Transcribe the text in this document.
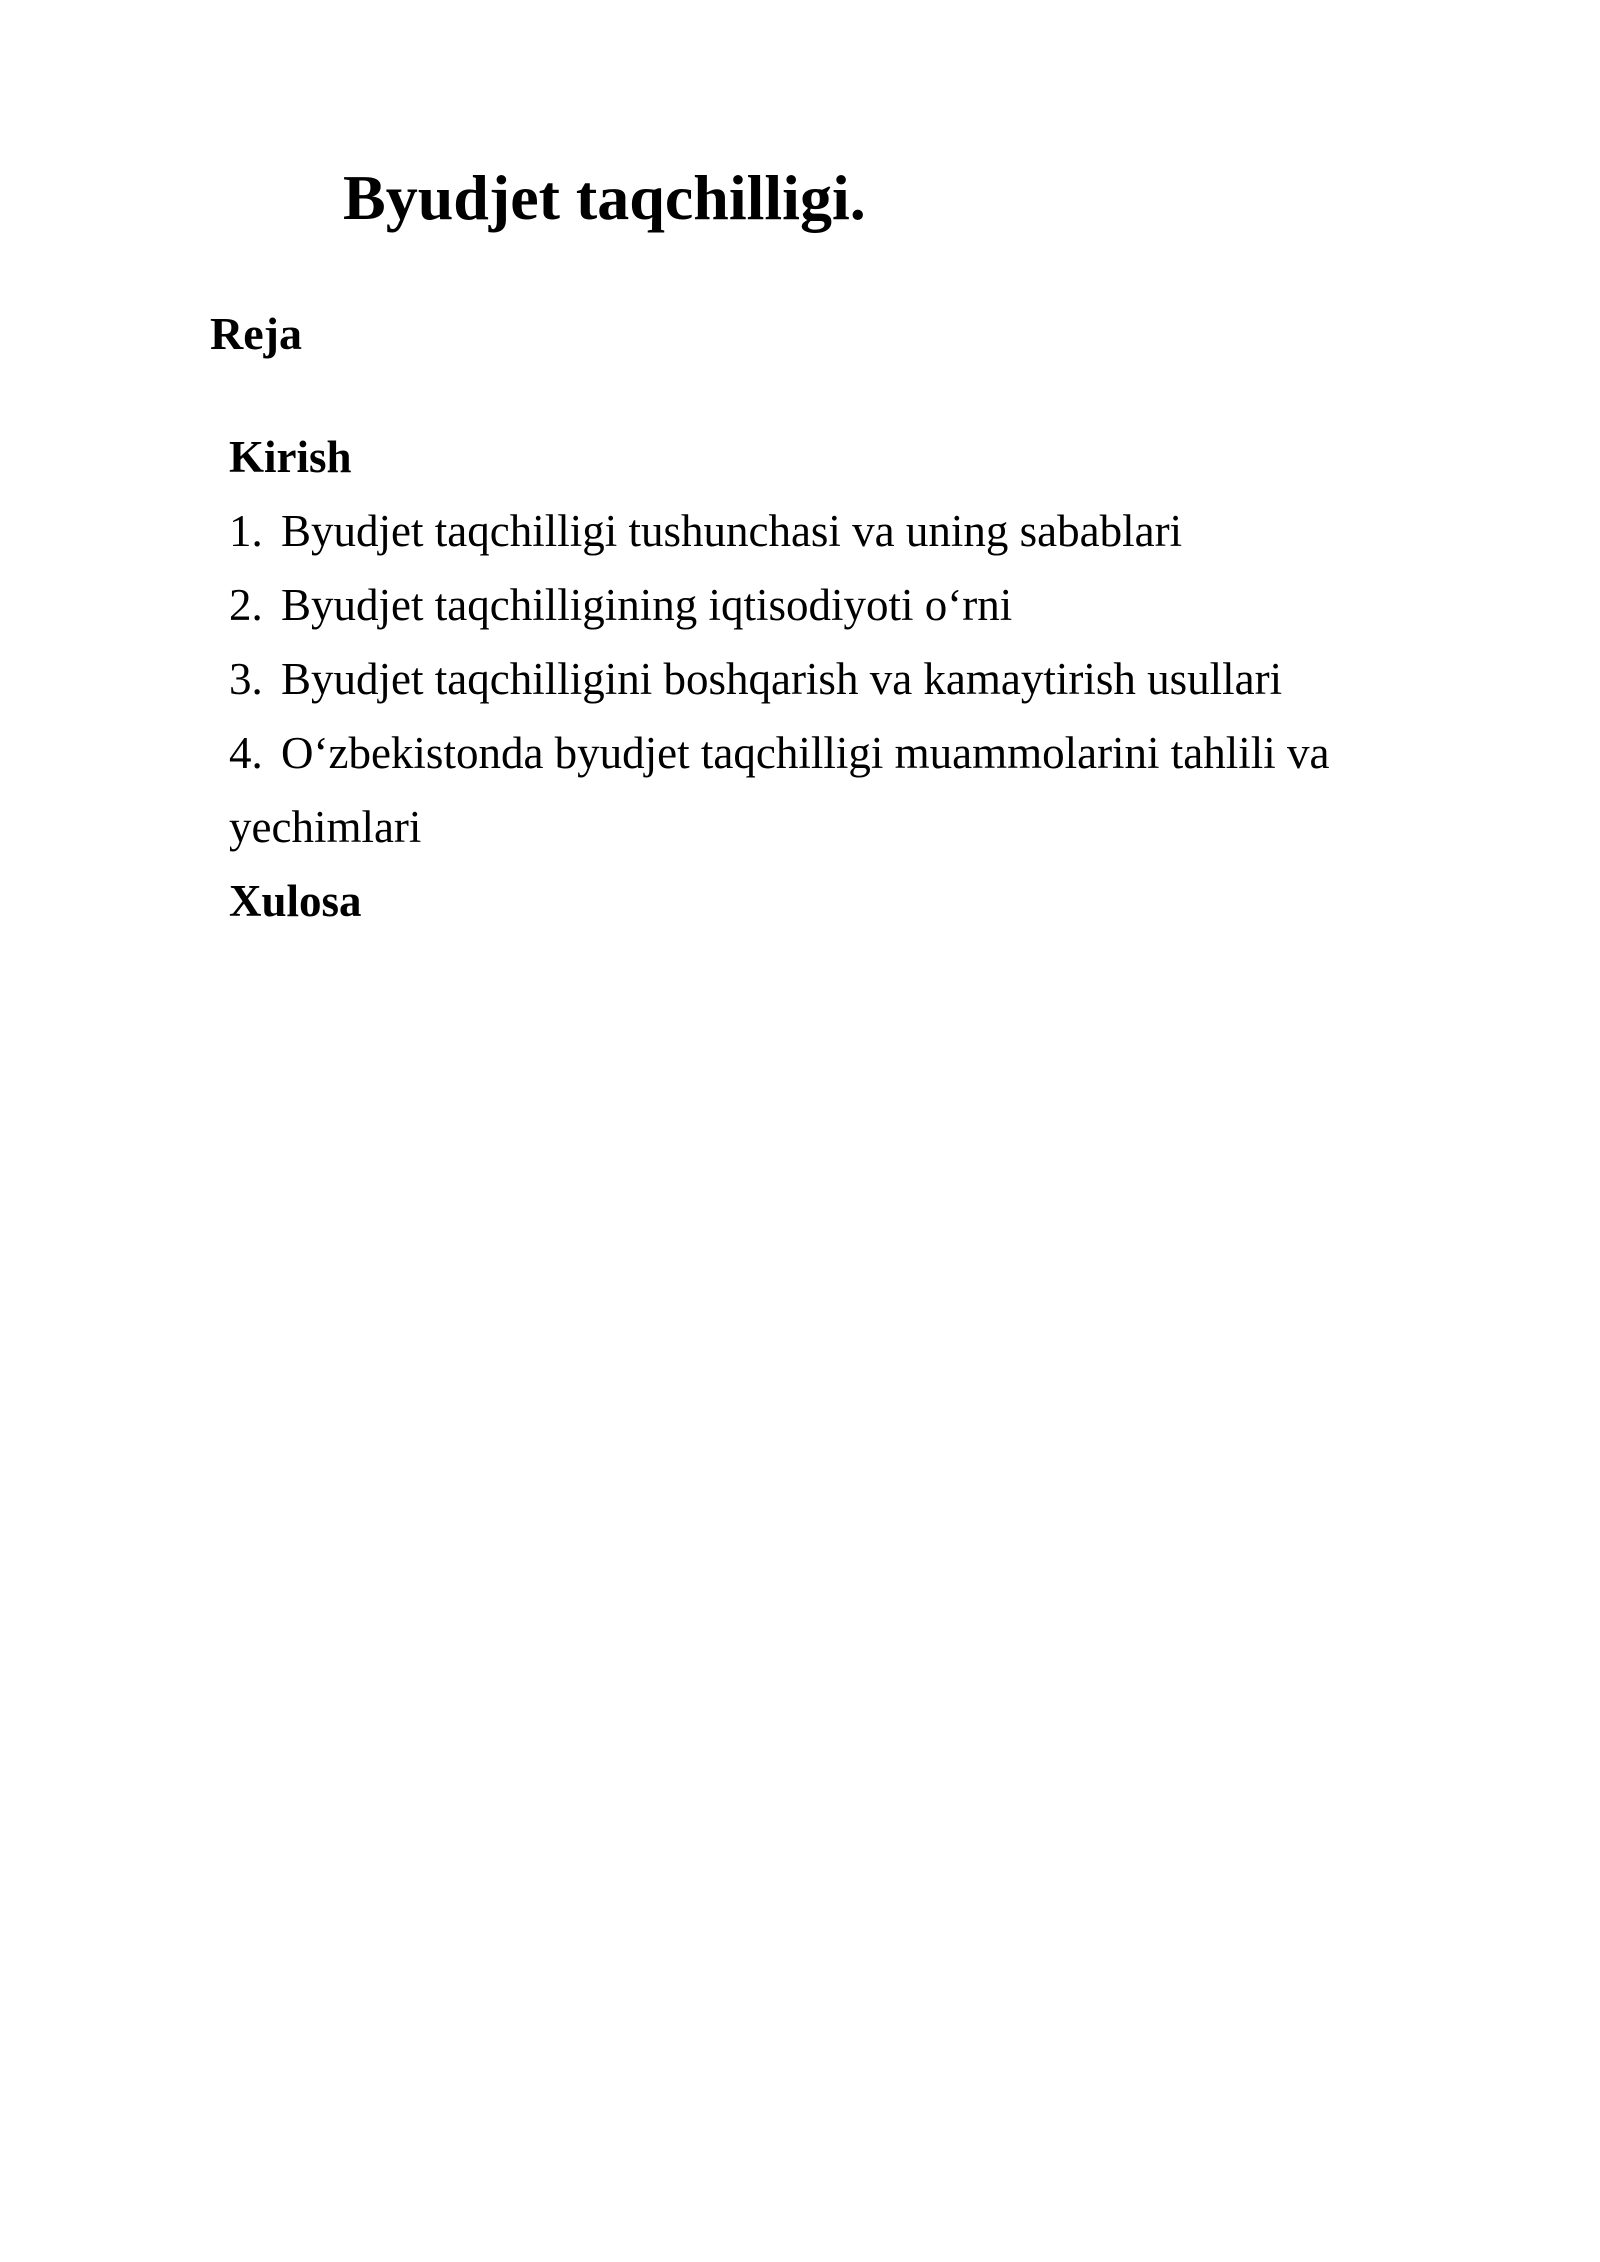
Byudjet taqchilligi.
Reja

Kirish

1. Byudjet taqchilligi tushunchasi va uning sabablari

2. Byudjet taqchilligining iqtisodiyoti o‘rni

3. Byudjet taqchilligini boshqarish va kamaytirish usullari

4. O‘zbekistonda byudjet taqchilligi muammolarini tahlili va

yechimlari

Xulosa
